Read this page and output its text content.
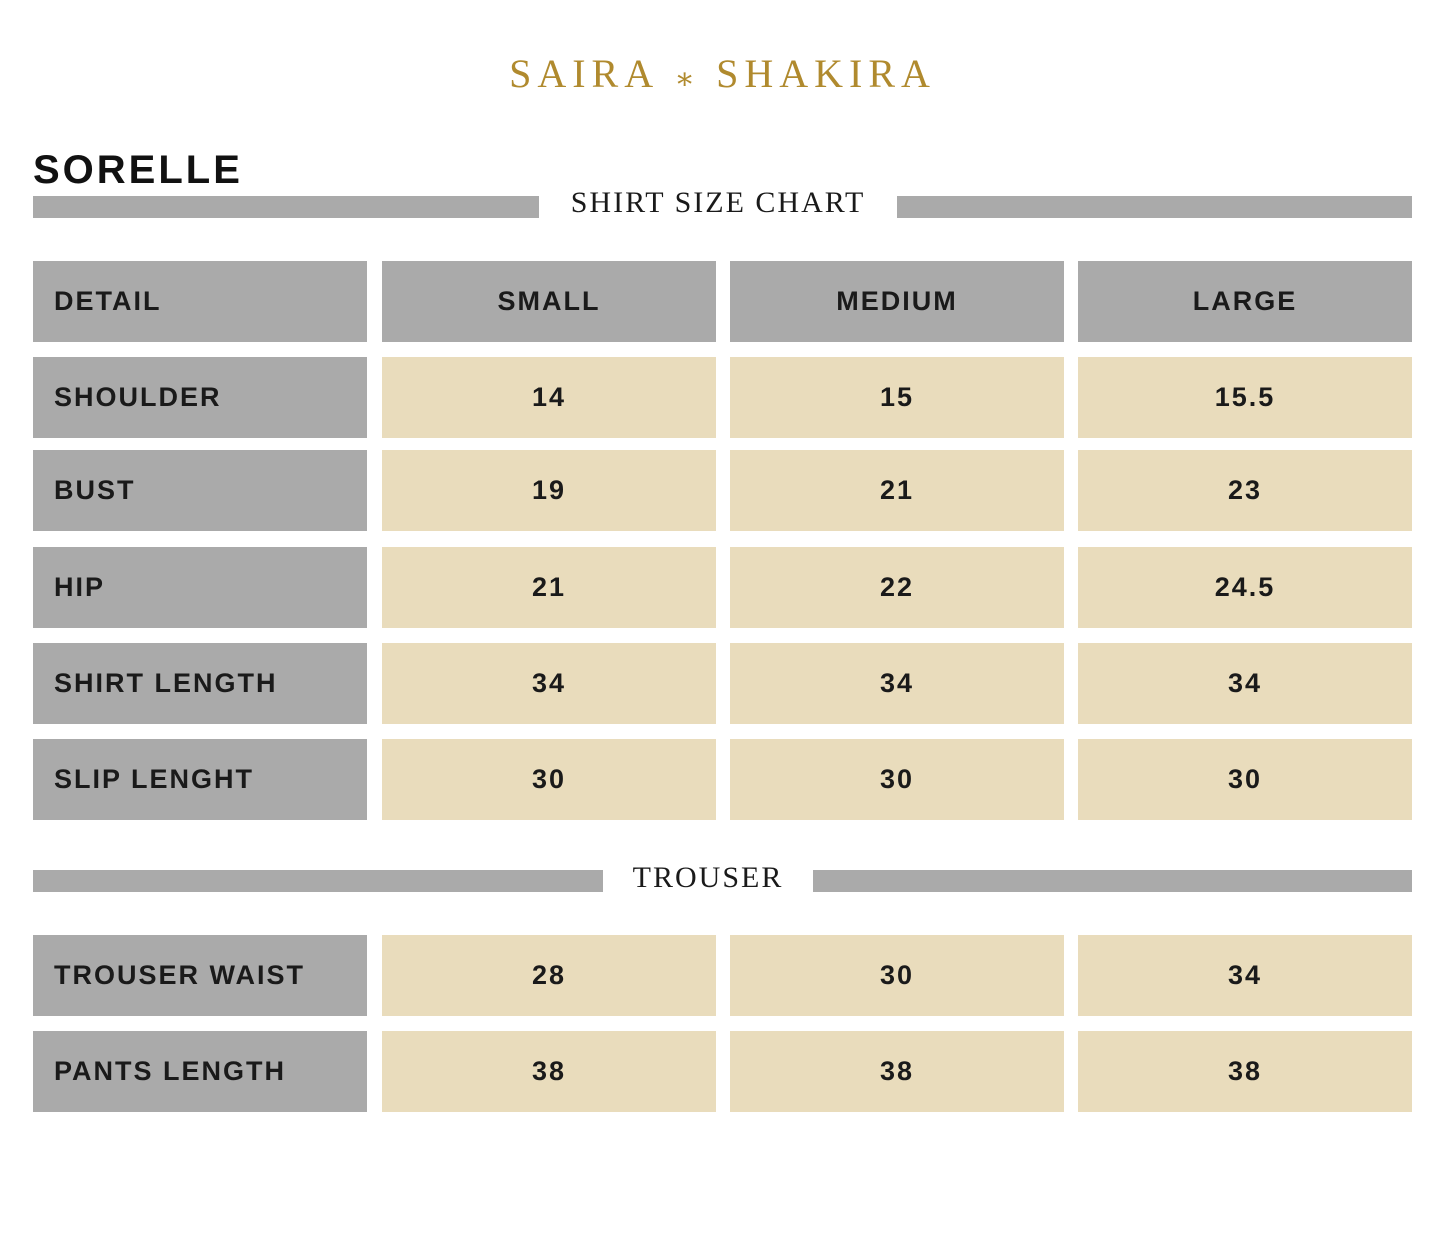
SAIRA ⁎ SHAKIRA
SORELLE
SHIRT SIZE CHART
DETAIL	SMALL	MEDIUM	LARGE
SHOULDER	14	15	15.5
BUST	19	21	23
HIP	21	22	24.5
SHIRT LENGTH	34	34	34
SLIP LENGHT	30	30	30
TROUSER
TROUSER WAIST	28	30	34
PANTS LENGTH	38	38	38
